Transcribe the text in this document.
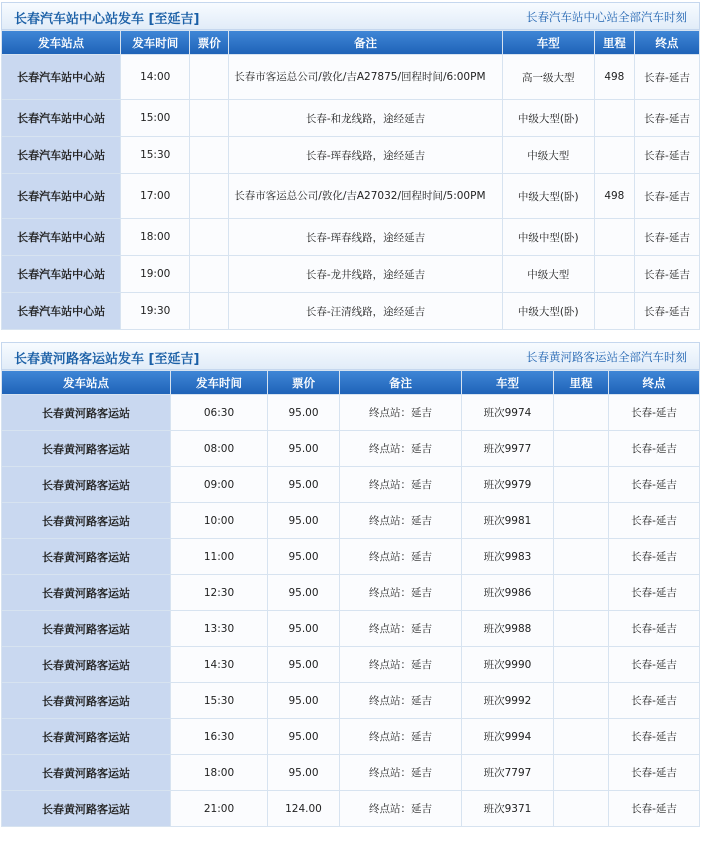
长春汽车站中心站发车 [至延吉]	长春汽车站中心站全部汽车时刻
发车站点	发车时间	票价	备注	车型	里程	终点
长春汽车站中心站	14:00		长春市客运总公司/敦化/吉A27875/回程时间/6:00PM	高一级大型	498	长春-延吉
长春汽车站中心站	15:00		长春-和龙线路，途经延吉	中级大型(卧)		长春-延吉
长春汽车站中心站	15:30		长春-珲春线路，途经延吉	中级大型		长春-延吉
长春汽车站中心站	17:00		长春市客运总公司/敦化/吉A27032/回程时间/5:00PM	中级大型(卧)	498	长春-延吉
长春汽车站中心站	18:00		长春-珲春线路，途经延吉	中级中型(卧)		长春-延吉
长春汽车站中心站	19:00		长春-龙井线路，途经延吉	中级大型		长春-延吉
长春汽车站中心站	19:30		长春-汪清线路，途经延吉	中级大型(卧)		长春-延吉
长春黄河路客运站发车 [至延吉]	长春黄河路客运站全部汽车时刻
发车站点	发车时间	票价	备注	车型	里程	终点
长春黄河路客运站	06:30	95.00	终点站：延吉	班次9974		长春-延吉
长春黄河路客运站	08:00	95.00	终点站：延吉	班次9977		长春-延吉
长春黄河路客运站	09:00	95.00	终点站：延吉	班次9979		长春-延吉
长春黄河路客运站	10:00	95.00	终点站：延吉	班次9981		长春-延吉
长春黄河路客运站	11:00	95.00	终点站：延吉	班次9983		长春-延吉
长春黄河路客运站	12:30	95.00	终点站：延吉	班次9986		长春-延吉
长春黄河路客运站	13:30	95.00	终点站：延吉	班次9988		长春-延吉
长春黄河路客运站	14:30	95.00	终点站：延吉	班次9990		长春-延吉
长春黄河路客运站	15:30	95.00	终点站：延吉	班次9992		长春-延吉
长春黄河路客运站	16:30	95.00	终点站：延吉	班次9994		长春-延吉
长春黄河路客运站	18:00	95.00	终点站：延吉	班次7797		长春-延吉
长春黄河路客运站	21:00	124.00	终点站：延吉	班次9371		长春-延吉
